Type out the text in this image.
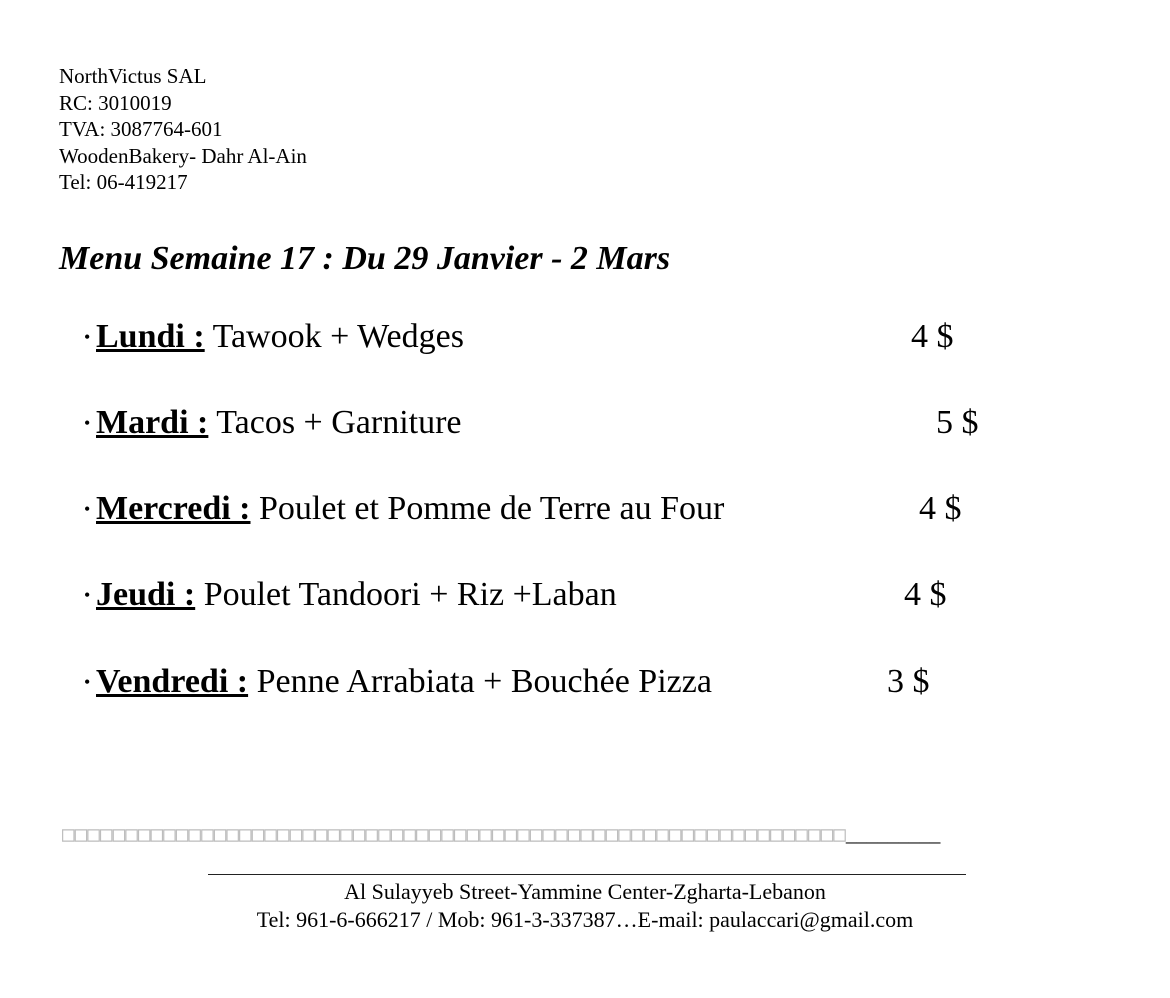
NorthVictus SAL
RC: 3010019
TVA: 3087764-601
WoodenBakery- Dahr Al-Ain
Tel: 06-419217
Menu Semaine 17 : Du 29 Janvier - 2 Mars
• Lundi : Tawook + Wedges	4 $
• Mardi : Tacos + Garniture	5 $
• Mercredi : Poulet et Pomme de Terre au Four	4 $
• Jeudi : Poulet Tandoori + Riz +Laban	4 $
• Vendredi : Penne Arrabiata + Bouchée Pizza	3 $
□□□□□□□□□□□□□□□□□□□□□□□□□□□□□□□□□□□□□□□□□□□□□□□□□□□□□□□□□□□□□□_________
Al Sulayyeb Street-Yammine Center-Zgharta-Lebanon
Tel: 961-6-666217 / Mob: 961-3-337387…E-mail: paulaccari@gmail.com
